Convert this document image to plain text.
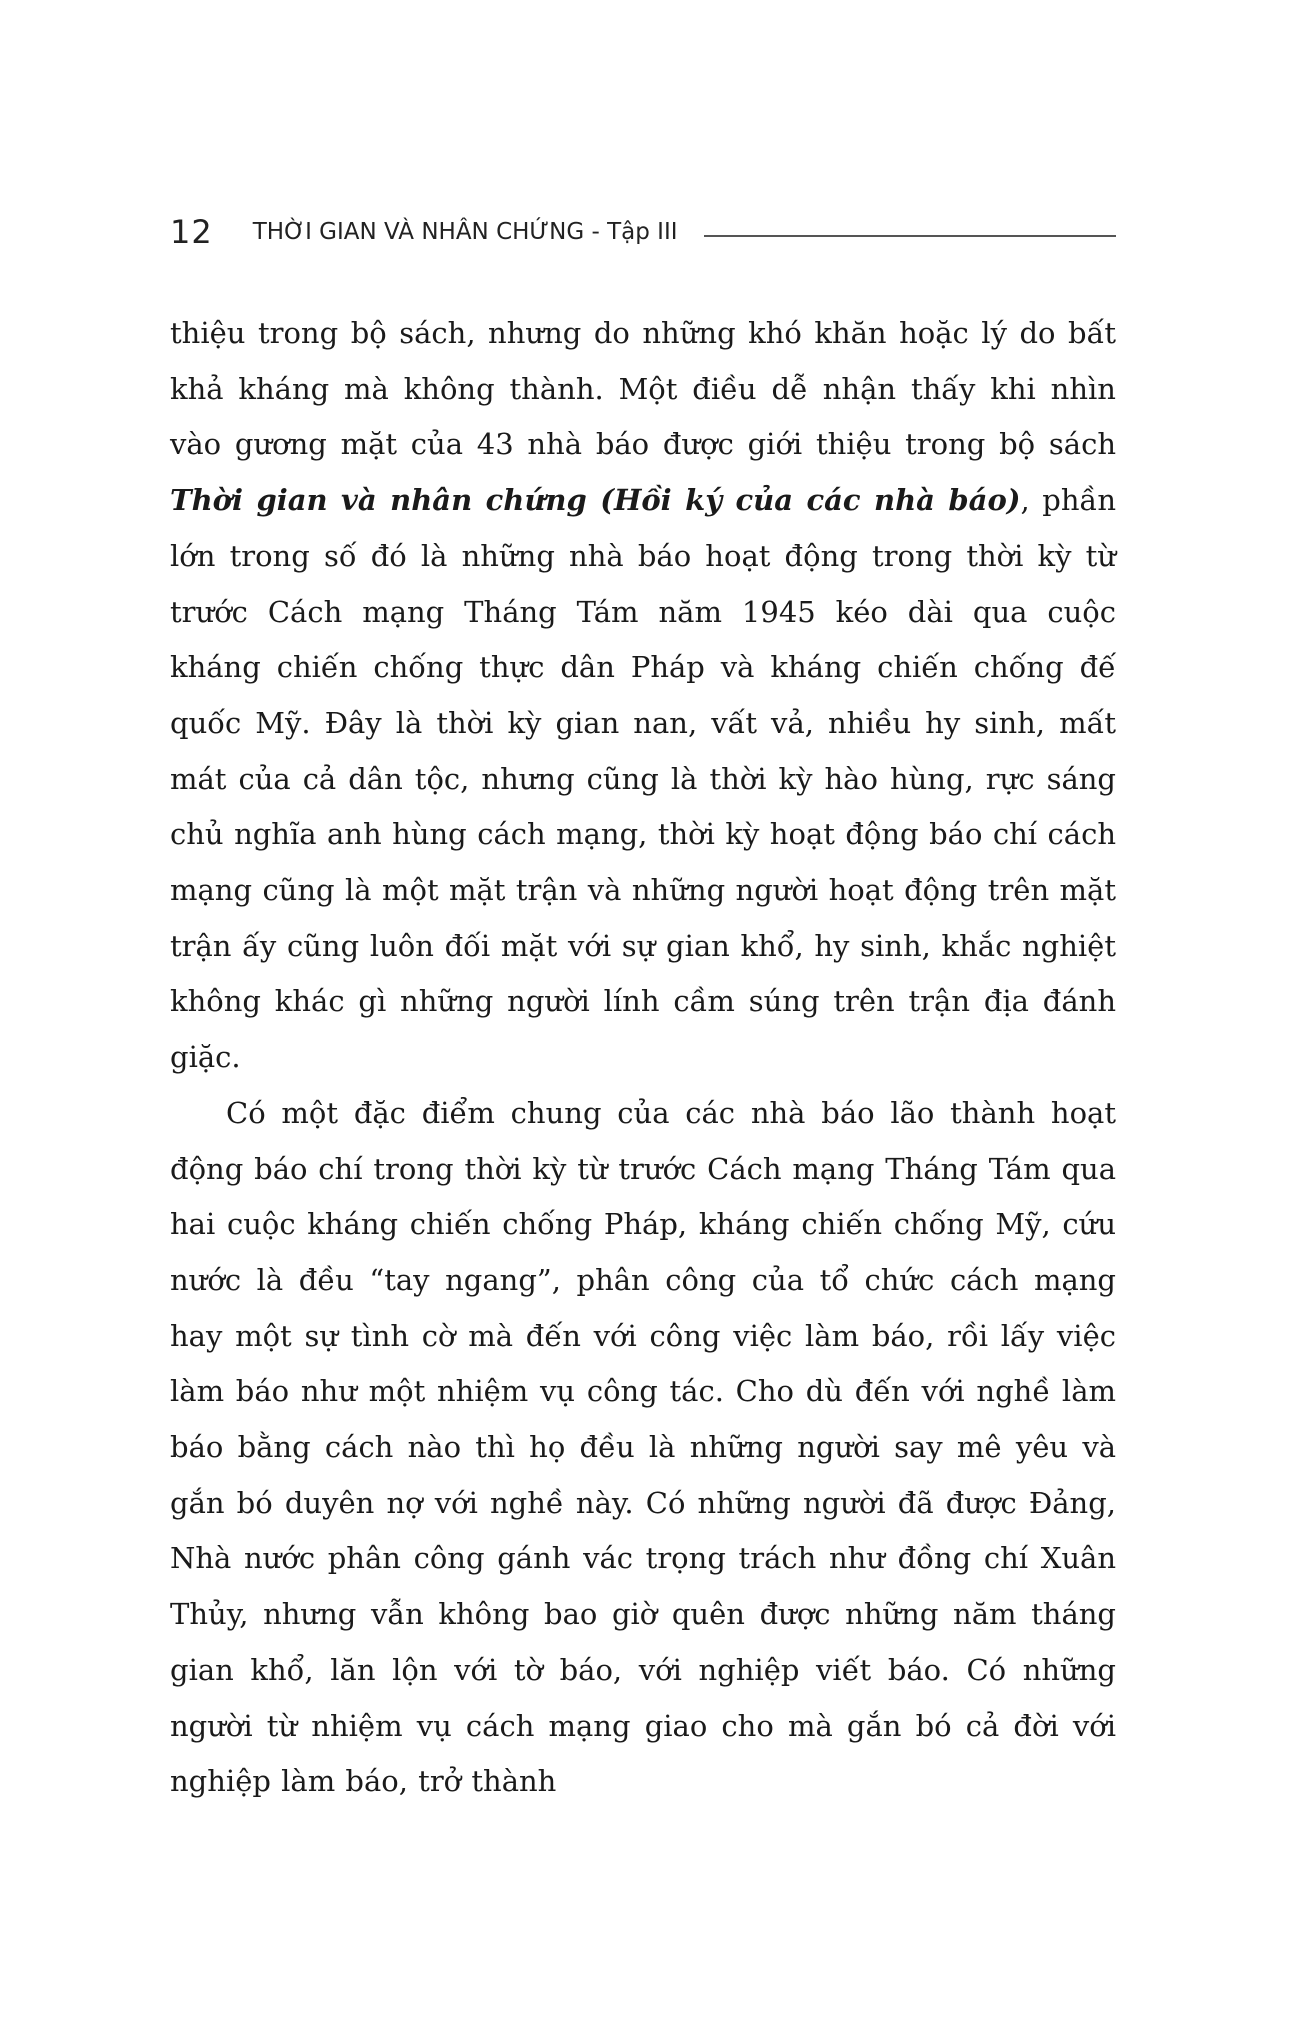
12 THỜI GIAN VÀ NHÂN CHỨNG - Tập III

thiệu trong bộ sách, nhưng do những khó khăn hoặc lý do bất khả kháng mà không thành. Một điều dễ nhận thấy khi nhìn vào gương mặt của 43 nhà báo được giới thiệu trong bộ sách Thời gian và nhân chứng (Hồi ký của các nhà báo), phần lớn trong số đó là những nhà báo hoạt động trong thời kỳ từ trước Cách mạng Tháng Tám năm 1945 kéo dài qua cuộc kháng chiến chống thực dân Pháp và kháng chiến chống đế quốc Mỹ. Đây là thời kỳ gian nan, vất vả, nhiều hy sinh, mất mát của cả dân tộc, nhưng cũng là thời kỳ hào hùng, rực sáng chủ nghĩa anh hùng cách mạng, thời kỳ hoạt động báo chí cách mạng cũng là một mặt trận và những người hoạt động trên mặt trận ấy cũng luôn đối mặt với sự gian khổ, hy sinh, khắc nghiệt không khác gì những người lính cầm súng trên trận địa đánh giặc.

Có một đặc điểm chung của các nhà báo lão thành hoạt động báo chí trong thời kỳ từ trước Cách mạng Tháng Tám qua hai cuộc kháng chiến chống Pháp, kháng chiến chống Mỹ, cứu nước là đều “tay ngang”, phân công của tổ chức cách mạng hay một sự tình cờ mà đến với công việc làm báo, rồi lấy việc làm báo như một nhiệm vụ công tác. Cho dù đến với nghề làm báo bằng cách nào thì họ đều là những người say mê yêu và gắn bó duyên nợ với nghề này. Có những người đã được Đảng, Nhà nước phân công gánh vác trọng trách như đồng chí Xuân Thủy, nhưng vẫn không bao giờ quên được những năm tháng gian khổ, lăn lộn với tờ báo, với nghiệp viết báo. Có những người từ nhiệm vụ cách mạng giao cho mà gắn bó cả đời với nghiệp làm báo, trở thành
